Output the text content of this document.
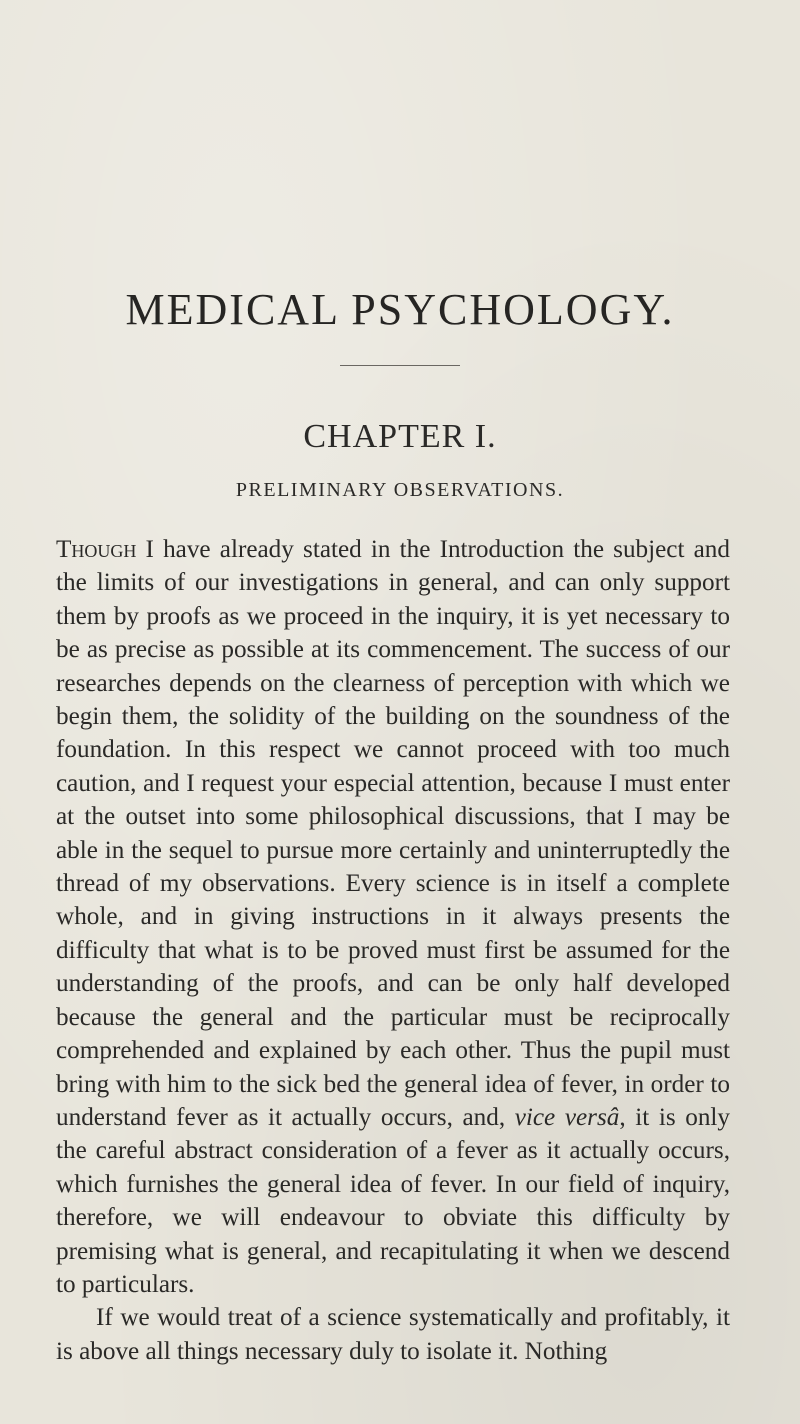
MEDICAL PSYCHOLOGY.
CHAPTER I.
PRELIMINARY OBSERVATIONS.

Though I have already stated in the Introduction the subject and the limits of our investigations in general, and can only support them by proofs as we proceed in the inquiry, it is yet necessary to be as precise as possible at its commencement. The success of our researches depends on the clearness of perception with which we begin them, the solidity of the building on the soundness of the foundation. In this respect we cannot proceed with too much caution, and I request your especial attention, because I must enter at the outset into some philosophical discussions, that I may be able in the sequel to pursue more certainly and uninterruptedly the thread of my observations. Every science is in itself a complete whole, and in giving instructions in it always presents the difficulty that what is to be proved must first be assumed for the understanding of the proofs, and can be only half developed because the general and the particular must be reciprocally comprehended and explained by each other. Thus the pupil must bring with him to the sick bed the general idea of fever, in order to understand fever as it actually occurs, and, vice versâ, it is only the careful abstract consideration of a fever as it actually occurs, which furnishes the general idea of fever. In our field of inquiry, therefore, we will endeavour to obviate this difficulty by premising what is general, and recapitulating it when we descend to particulars.

If we would treat of a science systematically and profitably, it is above all things necessary duly to isolate it. Nothing
